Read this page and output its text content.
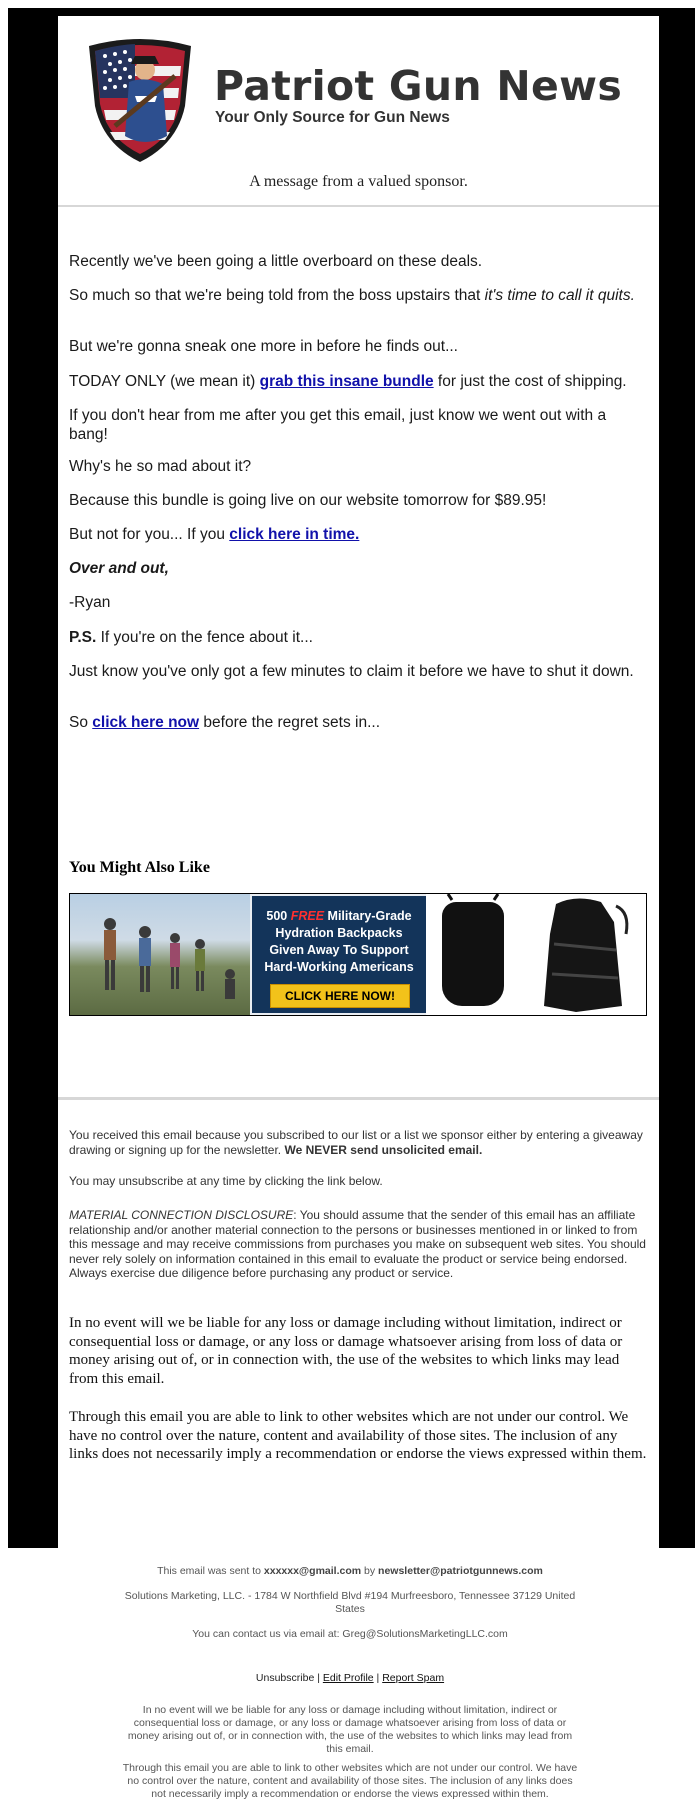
Patriot Gun News
Your Only Source for Gun News
A message from a valued sponsor.

Recently we've been going a little overboard on these deals.

So much so that we're being told from the boss upstairs that it's time to call it quits.

But we're gonna sneak one more in before he finds out...

TODAY ONLY (we mean it) grab this insane bundle for just the cost of shipping.

If you don't hear from me after you get this email, just know we went out with a bang!

Why's he so mad about it?

Because this bundle is going live on our website tomorrow for $89.95!

But not for you... If you click here in time.

Over and out,

-Ryan

P.S. If you're on the fence about it...

Just know you've only got a few minutes to claim it before we have to shut it down.

So click here now before the regret sets in...

You Might Also Like
500 FREE Military-Grade
Hydration Backpacks
Given Away To Support
Hard-Working Americans
CLICK HERE NOW!

You received this email because you subscribed to our list or a list we sponsor either by entering a giveaway drawing or signing up for the newsletter. We NEVER send unsolicited email.

You may unsubscribe at any time by clicking the link below.

MATERIAL CONNECTION DISCLOSURE: You should assume that the sender of this email has an affiliate relationship and/or another material connection to the persons or businesses mentioned in or linked to from this message and may receive commissions from purchases you make on subsequent web sites. You should never rely solely on information contained in this email to evaluate the product or service being endorsed. Always exercise due diligence before purchasing any product or service.

In no event will we be liable for any loss or damage including without limitation, indirect or consequential loss or damage, or any loss or damage whatsoever arising from loss of data or money arising out of, or in connection with, the use of the websites to which links may lead from this email.

Through this email you are able to link to other websites which are not under our control. We have no control over the nature, content and availability of those sites. The inclusion of any links does not necessarily imply a recommendation or endorse the views expressed within them.

This email was sent to xxxxxx@gmail.com by newsletter@patriotgunnews.com

Solutions Marketing, LLC. - 1784 W Northfield Blvd #194 Murfreesboro, Tennessee 37129 United States

You can contact us via email at: Greg@SolutionsMarketingLLC.com

Unsubscribe | Edit Profile | Report Spam

In no event will we be liable for any loss or damage including without limitation, indirect or consequential loss or damage, or any loss or damage whatsoever arising from loss of data or money arising out of, or in connection with, the use of the websites to which links may lead from this email.

Through this email you are able to link to other websites which are not under our control. We have no control over the nature, content and availability of those sites. The inclusion of any links does not necessarily imply a recommendation or endorse the views expressed within them.
